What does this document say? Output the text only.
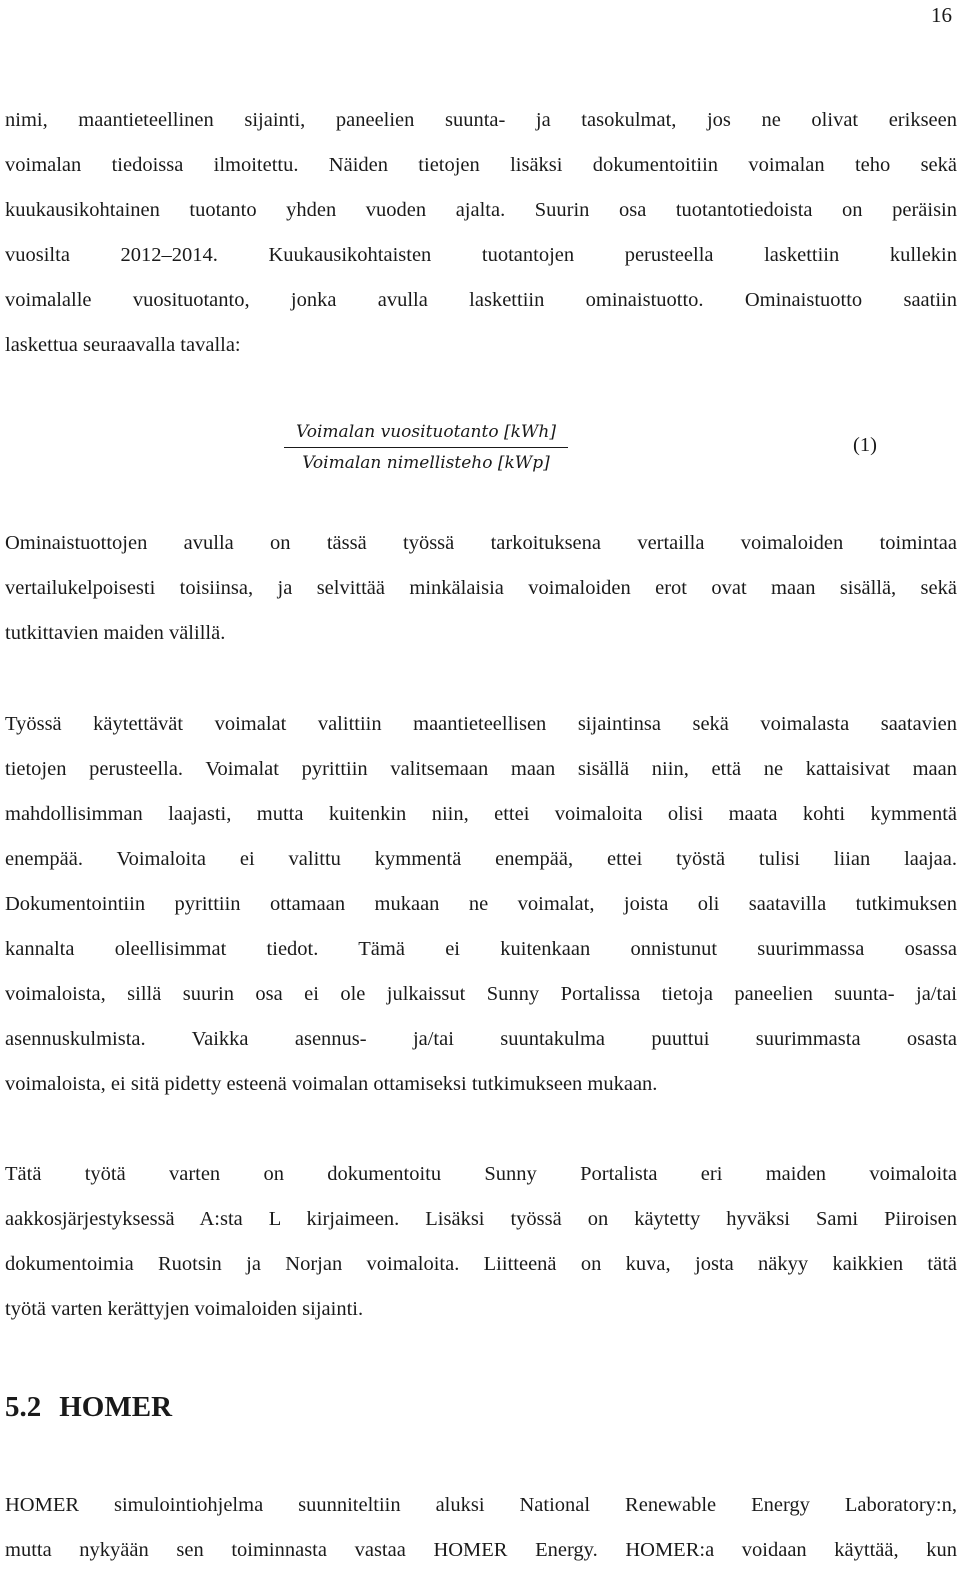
16

nimi, maantieteellinen sijainti, paneelien suunta- ja tasokulmat, jos ne olivat erikseen
voimalan tiedoissa ilmoitettu. Näiden tietojen lisäksi dokumentoitiin voimalan teho sekä
kuukausikohtainen tuotanto yhden vuoden ajalta. Suurin osa tuotantotiedoista on peräisin
vuosilta 2012–2014. Kuukausikohtaisten tuotantojen perusteella laskettiin kullekin
voimalalle vuosituotanto, jonka avulla laskettiin ominaistuotto. Ominaistuotto saatiin
laskettua seuraavalla tavalla:

Voimalan vuosituotanto [kWh]
Voimalan nimellisteho [kWp]
(1)

Ominaistuottojen avulla on tässä työssä tarkoituksena vertailla voimaloiden toimintaa
vertailukelpoisesti toisiinsa, ja selvittää minkälaisia voimaloiden erot ovat maan sisällä, sekä
tutkittavien maiden välillä.

Työssä käytettävät voimalat valittiin maantieteellisen sijaintinsa sekä voimalasta saatavien
tietojen perusteella. Voimalat pyrittiin valitsemaan maan sisällä niin, että ne kattaisivat maan
mahdollisimman laajasti, mutta kuitenkin niin, ettei voimaloita olisi maata kohti kymmentä
enempää. Voimaloita ei valittu kymmentä enempää, ettei työstä tulisi liian laajaa.
Dokumentointiin pyrittiin ottamaan mukaan ne voimalat, joista oli saatavilla tutkimuksen
kannalta oleellisimmat tiedot. Tämä ei kuitenkaan onnistunut suurimmassa osassa
voimaloista, sillä suurin osa ei ole julkaissut Sunny Portalissa tietoja paneelien suunta- ja/tai
asennuskulmista. Vaikka asennus- ja/tai suuntakulma puuttui suurimmasta osasta
voimaloista, ei sitä pidetty esteenä voimalan ottamiseksi tutkimukseen mukaan.

Tätä työtä varten on dokumentoitu Sunny Portalista eri maiden voimaloita
aakkosjärjestyksessä A:sta L kirjaimeen. Lisäksi työssä on käytetty hyväksi Sami Piiroisen
dokumentoimia Ruotsin ja Norjan voimaloita. Liitteenä on kuva, josta näkyy kaikkien tätä
työtä varten kerättyjen voimaloiden sijainti.

5.2 HOMER

HOMER simulointiohjelma suunniteltiin aluksi National Renewable Energy Laboratory:n,
mutta nykyään sen toiminnasta vastaa HOMER Energy. HOMER:a voidaan käyttää, kun
